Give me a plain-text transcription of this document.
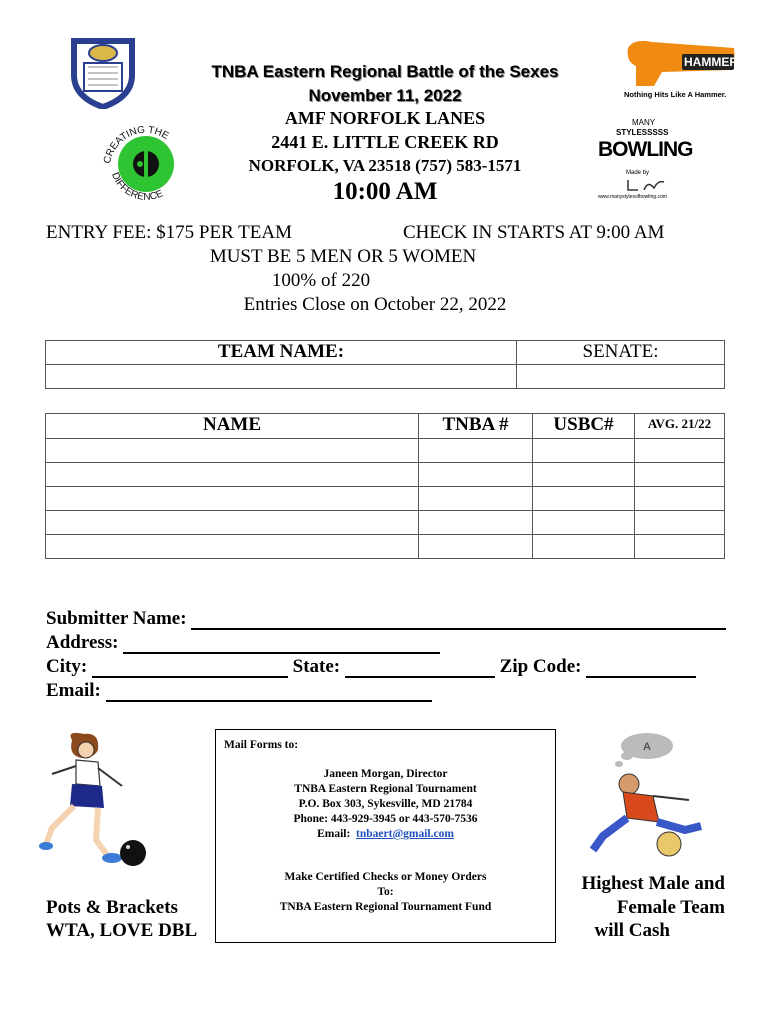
CREATING THE
DIFFERENCE
HAMMER
Nothing Hits Like A Hammer.
MANY
STYLESSSSS
BOWLING
Made by
www.manystylesofbowling.com
TNBA Eastern Regional Battle of the Sexes
November 11, 2022
AMF NORFOLK LANES
2441 E. LITTLE CREEK RD
NORFOLK, VA 23518 (757) 583-1571
10:00 AM
ENTRY FEE: $175 PER TEAM	CHECK IN STARTS AT 9:00 AM
MUST BE 5 MEN OR 5 WOMEN
100% of 220
Entries Close on October 22, 2022
TEAM NAME:	SENATE:

NAME	TNBA #	USBC#	AVG. 21/22

Submitter Name:
Address:
City:	State:	Zip Code:
Email:
Pots & Brackets
WTA, LOVE DBL
Mail Forms to:
Janeen Morgan, Director
TNBA Eastern Regional Tournament
P.O. Box 303, Sykesville, MD 21784
Phone: 443-929-3945 or 443-570-7536
Email:  tnbaert@gmail.com
Make Certified Checks or Money Orders
To:
TNBA Eastern Regional Tournament Fund
A
Highest Male and
Female Team
will Cash
